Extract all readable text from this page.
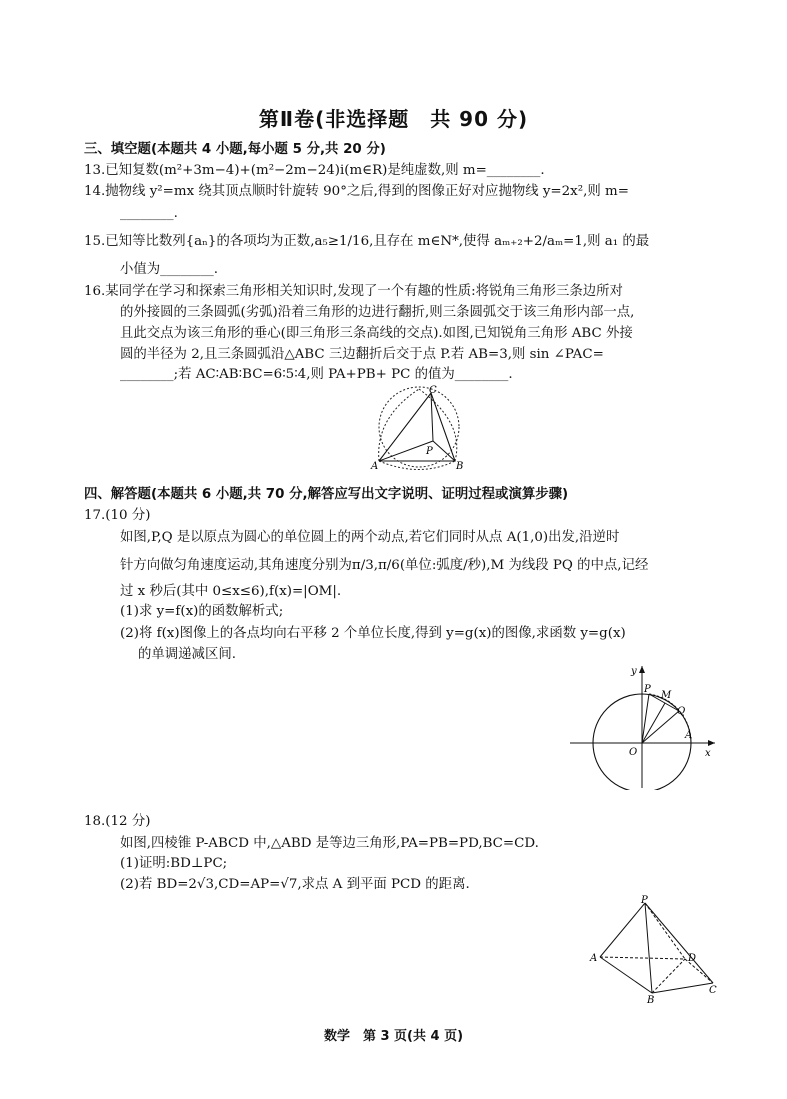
第Ⅱ卷(非选择题　共 90 分)
三、填空题(本题共 4 小题,每小题 5 分,共 20 分)
13.已知复数(m²+3m−4)+(m²−2m−24)i(m∈R)是纯虚数,则 m=________.
14.抛物线 y²=mx 绕其顶点顺时针旋转 90°之后,得到的图像正好对应抛物线 y=2x²,则 m=
________.
15.已知等比数列{aₙ}的各项均为正数,a₅≥1/16,且存在 m∈N*,使得 aₘ₊₂+2/aₘ=1,则 a₁ 的最
小值为________.
16.某同学在学习和探索三角形相关知识时,发现了一个有趣的性质:将锐角三角形三条边所对
的外接圆的三条圆弧(劣弧)沿着三角形的边进行翻折,则三条圆弧交于该三角形内部一点,
且此交点为该三角形的垂心(即三角形三条高线的交点).如图,已知锐角三角形 ABC 外接
圆的半径为 2,且三条圆弧沿△ABC 三边翻折后交于点 P.若 AB=3,则 sin ∠PAC=
________;若 AC∶AB∶BC=6∶5∶4,则 PA+PB+ PC 的值为________.
A	B
C
P
四、解答题(本题共 6 小题,共 70 分,解答应写出文字说明、证明过程或演算步骤)
17.(10 分)
如图,P,Q 是以原点为圆心的单位圆上的两个动点,若它们同时从点 A(1,0)出发,沿逆时
针方向做匀角速度运动,其角速度分别为π/3,π/6(单位:弧度/秒),M 为线段 PQ 的中点,记经
过 x 秒后(其中 0≤x≤6),f(x)=|OM|.
(1)求 y=f(x)的函数解析式;
(2)将 f(x)图像上的各点均向右平移 2 个单位长度,得到 y=g(x)的图像,求函数 y=g(x)
的单调递减区间.
y
x
O
A
P
Q
M
18.(12 分)
如图,四棱锥 P-ABCD 中,△ABD 是等边三角形,PA=PB=PD,BC=CD.
(1)证明:BD⊥PC;
(2)若 BD=2√3,CD=AP=√7,求点 A 到平面 PCD 的距离.
P
A
B
C
D
数学　第 3 页(共 4 页)
